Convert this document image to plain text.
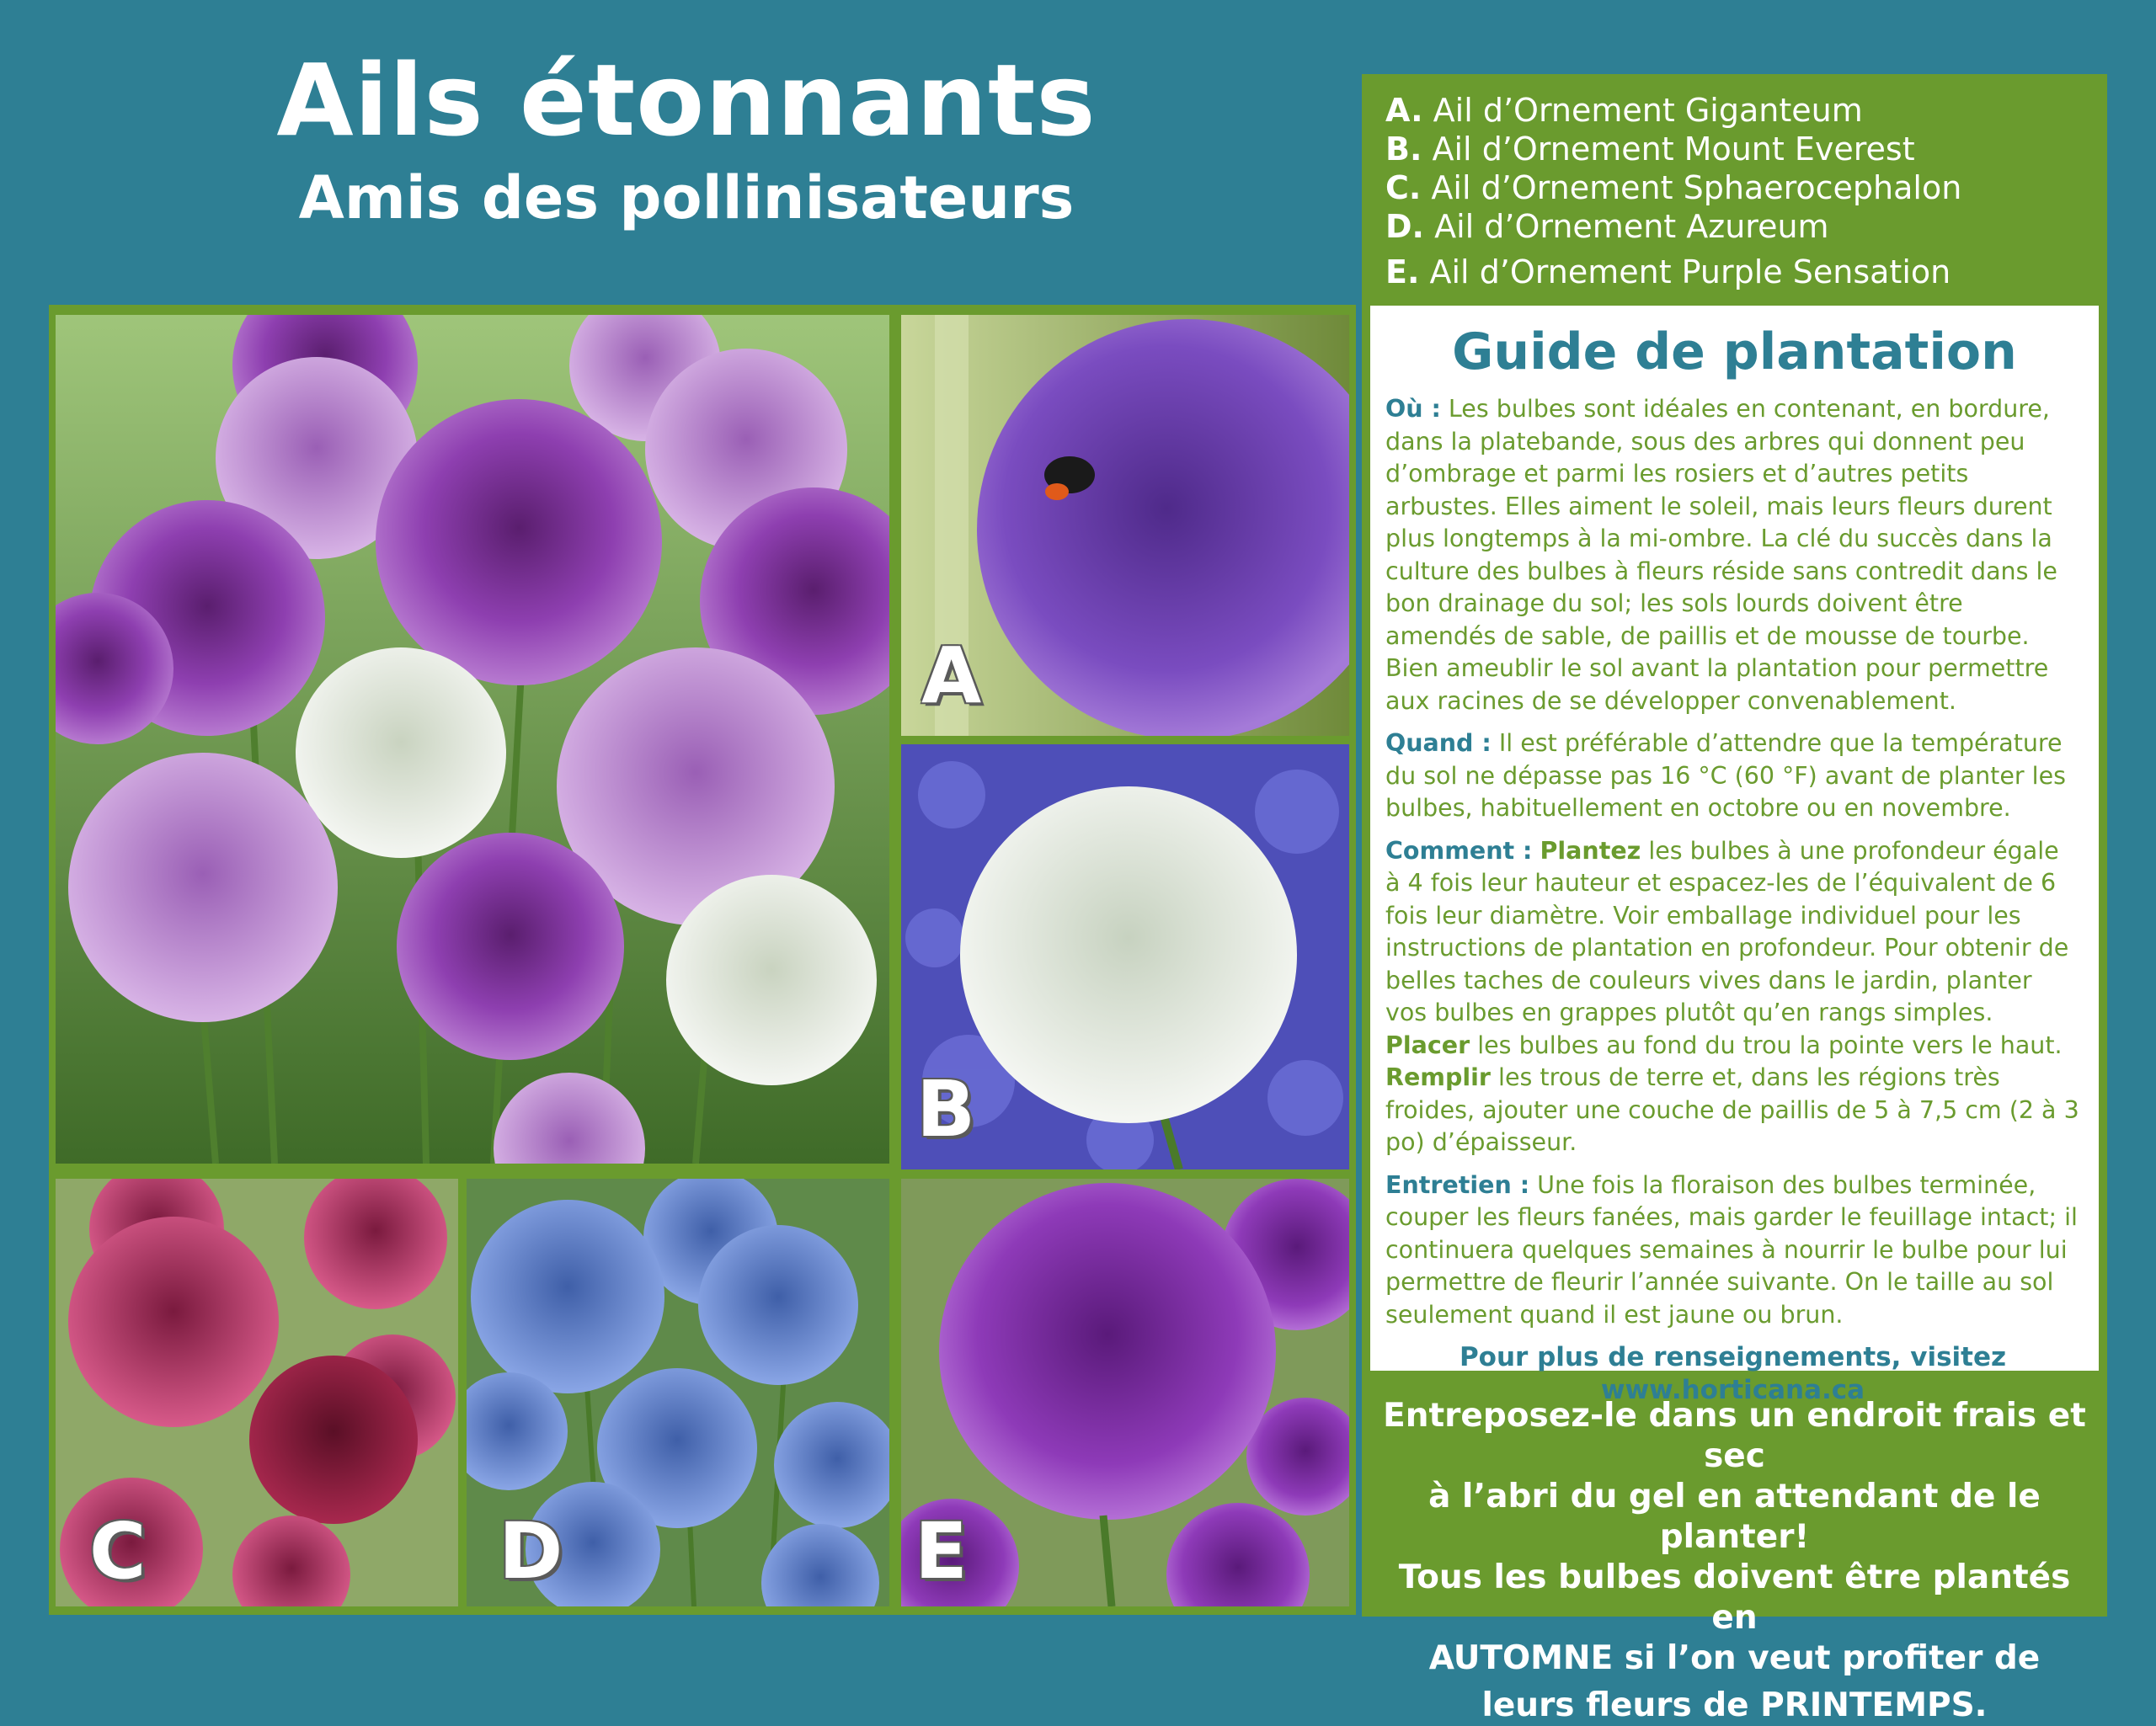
Ails étonnants
Amis des pollinisateurs
A
B
C	D	E
A. Ail d’Ornement Giganteum
B. Ail d’Ornement Mount Everest
C. Ail d’Ornement Sphaerocephalon
D. Ail d’Ornement Azureum
E. Ail d’Ornement Purple Sensation
Guide de plantation

Où : Les bulbes sont idéales en contenant, en bordure, dans la platebande, sous des arbres qui donnent peu d’ombrage et parmi les rosiers et d’autres petits arbustes. Elles aiment le soleil, mais leurs fleurs durent plus longtemps à la mi-ombre. La clé du succès dans la culture des bulbes à fleurs réside sans contredit dans le bon drainage du sol; les sols lourds doivent être amendés de sable, de paillis et de mousse de tourbe. Bien ameublir le sol avant la plantation pour permettre aux racines de se développer convenablement.

Quand : Il est préférable d’attendre que la température du sol ne dépasse pas 16 °C (60 °F) avant de planter les bulbes, habituellement en octobre ou en novembre.

Comment : Plantez les bulbes à une profondeur égale à 4 fois leur hauteur et espacez-les de l’équivalent de 6 fois leur diamètre. Voir emballage individuel pour les instructions de plantation en profondeur. Pour obtenir de belles taches de couleurs vives dans le jardin, planter vos bulbes en grappes plutôt qu’en rangs simples. Placer les bulbes au fond du trou la pointe vers le haut. Remplir les trous de terre et, dans les régions très froides, ajouter une couche de paillis de 5 à 7,5 cm (2 à 3 po) d’épaisseur.

Entretien : Une fois la floraison des bulbes terminée, couper les fleurs fanées, mais garder le feuillage intact; il continuera quelques semaines à nourrir le bulbe pour lui permettre de fleurir l’année suivante. On le taille au sol seulement quand il est jaune ou brun.

Pour plus de renseignements, visitez www.horticana.ca
Entreposez-le dans un endroit frais et sec
à l’abri du gel en attendant de le planter!
Tous les bulbes doivent être plantés en
AUTOMNE si l’on veut profiter de
leurs fleurs de PRINTEMPS.
